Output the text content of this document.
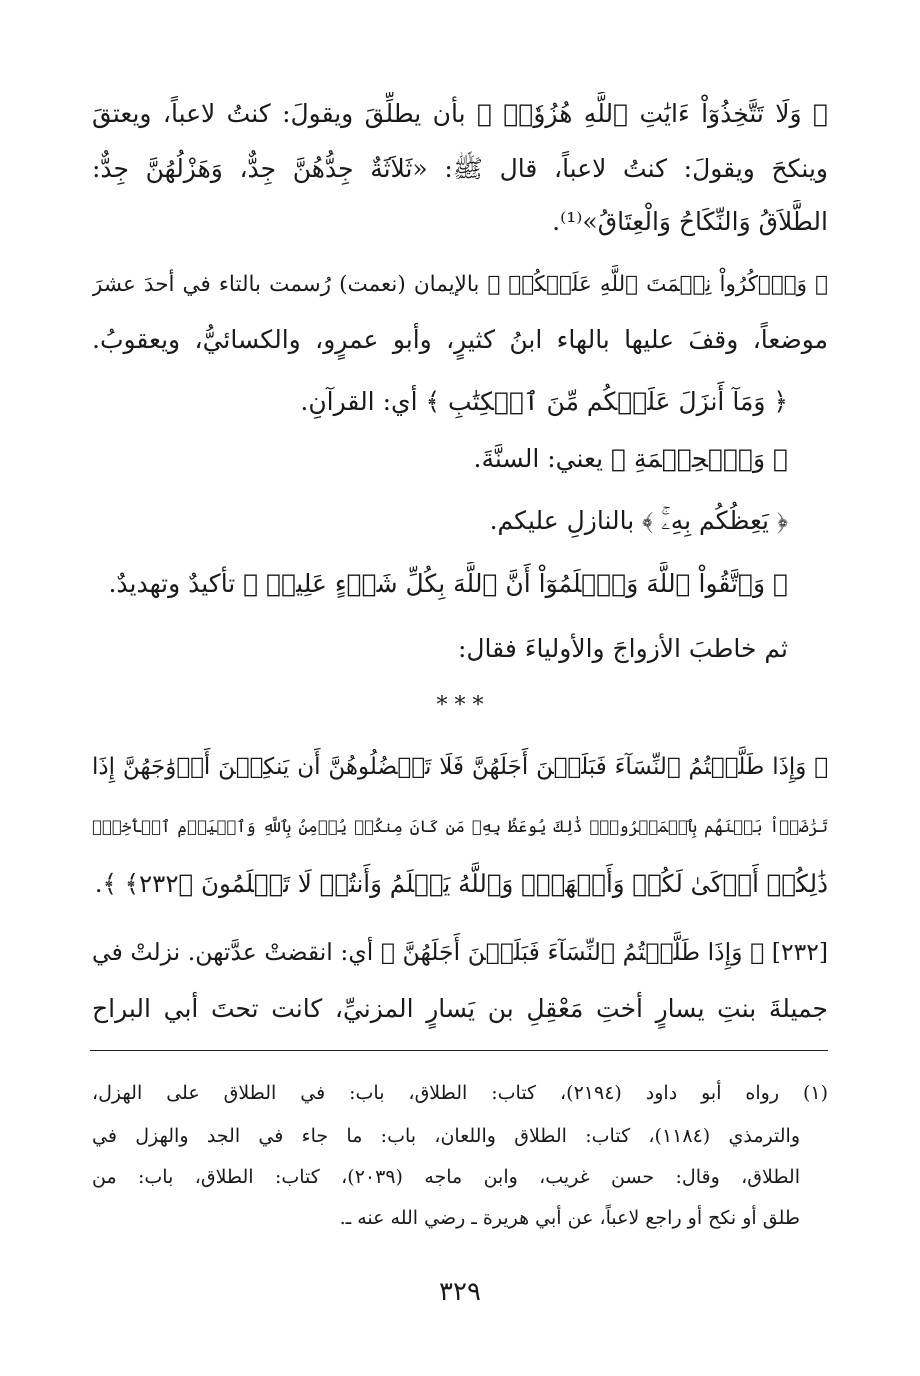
﴿ وَلَا تَتَّخِذُوٓاْ ءَايَٰتِ ٱللَّهِ هُزُوٗاۚ ﴾ بأن يطلِّقَ ويقولَ: كنتُ لاعباً، ويعتقَ
وينكحَ ويقولَ: كنتُ لاعباً، قال ﷺ: «ثَلاَثَةٌ جِدُّهُنَّ جِدٌّ، وَهَزْلُهُنَّ جِدٌّ:
الطَّلاَقُ وَالنِّكَاحُ وَالْعِتَاقُ»⁽¹⁾.
﴿ وَٱذۡكُرُواْ نِعۡمَتَ ٱللَّهِ عَلَيۡكُمۡ ﴾ بالإيمان (نعمت) رُسمت بالتاء في أحدَ عشرَ
موضعاً، وقفَ عليها بالهاء ابنُ كثيرٍ، وأبو عمرٍو، والكسائيُّ، ويعقوبُ.
﴿ وَمَآ أَنزَلَ عَلَيۡكُم مِّنَ ٱلۡكِتَٰبِ ﴾ أي: القرآنِ.
﴿ وَٱلۡحِكۡمَةِ ﴾ يعني: السنَّةَ.
﴿ يَعِظُكُم بِهِۦۚ ﴾ بالنازلِ عليكم.
﴿ وَٱتَّقُواْ ٱللَّهَ وَٱعۡلَمُوٓاْ أَنَّ ٱللَّهَ بِكُلِّ شَيۡءٍ عَلِيمٞ ﴾ تأكيدٌ وتهديدٌ.
ثم خاطبَ الأزواجَ والأولياءَ فقال:
* * *
﴿ وَإِذَا طَلَّقۡتُمُ ٱلنِّسَآءَ فَبَلَغۡنَ أَجَلَهُنَّ فَلَا تَعۡضُلُوهُنَّ أَن يَنكِحۡنَ أَزۡوَٰجَهُنَّ إِذَا
تَرَٰضَوۡاْ بَيۡنَهُم بِٱلۡمَعۡرُوفِۗ ذَٰلِكَ يُوعَظُ بِهِۦ مَن كَانَ مِنكُمۡ يُؤۡمِنُ بِٱللَّهِ وَٱلۡيَوۡمِ ٱلۡأٓخِرِۗ
ذَٰلِكُمۡ أَزۡكَىٰ لَكُمۡ وَأَطۡهَرُۚ وَٱللَّهُ يَعۡلَمُ وَأَنتُمۡ لَا تَعۡلَمُونَ ﴿٢٣٢﴾ ﴾.
[٢٣٢] ﴿ وَإِذَا طَلَّقۡتُمُ ٱلنِّسَآءَ فَبَلَغۡنَ أَجَلَهُنَّ ﴾ أي: انقضتْ عدَّتهن. نزلتْ في
جميلةَ بنتِ يسارٍ أختِ مَعْقِلِ بن يَسارٍ المزنيِّ، كانت تحتَ أبي البراح
(١) رواه أبو داود (٢١٩٤)، كتاب: الطلاق، باب: في الطلاق على الهزل،
والترمذي (١١٨٤)، كتاب: الطلاق واللعان، باب: ما جاء في الجد والهزل في
الطلاق، وقال: حسن غريب، وابن ماجه (٢٠٣٩)، كتاب: الطلاق، باب: من
طلق أو نكح أو راجع لاعباً، عن أبي هريرة ـ رضي الله عنه ـ.
٣٢٩
